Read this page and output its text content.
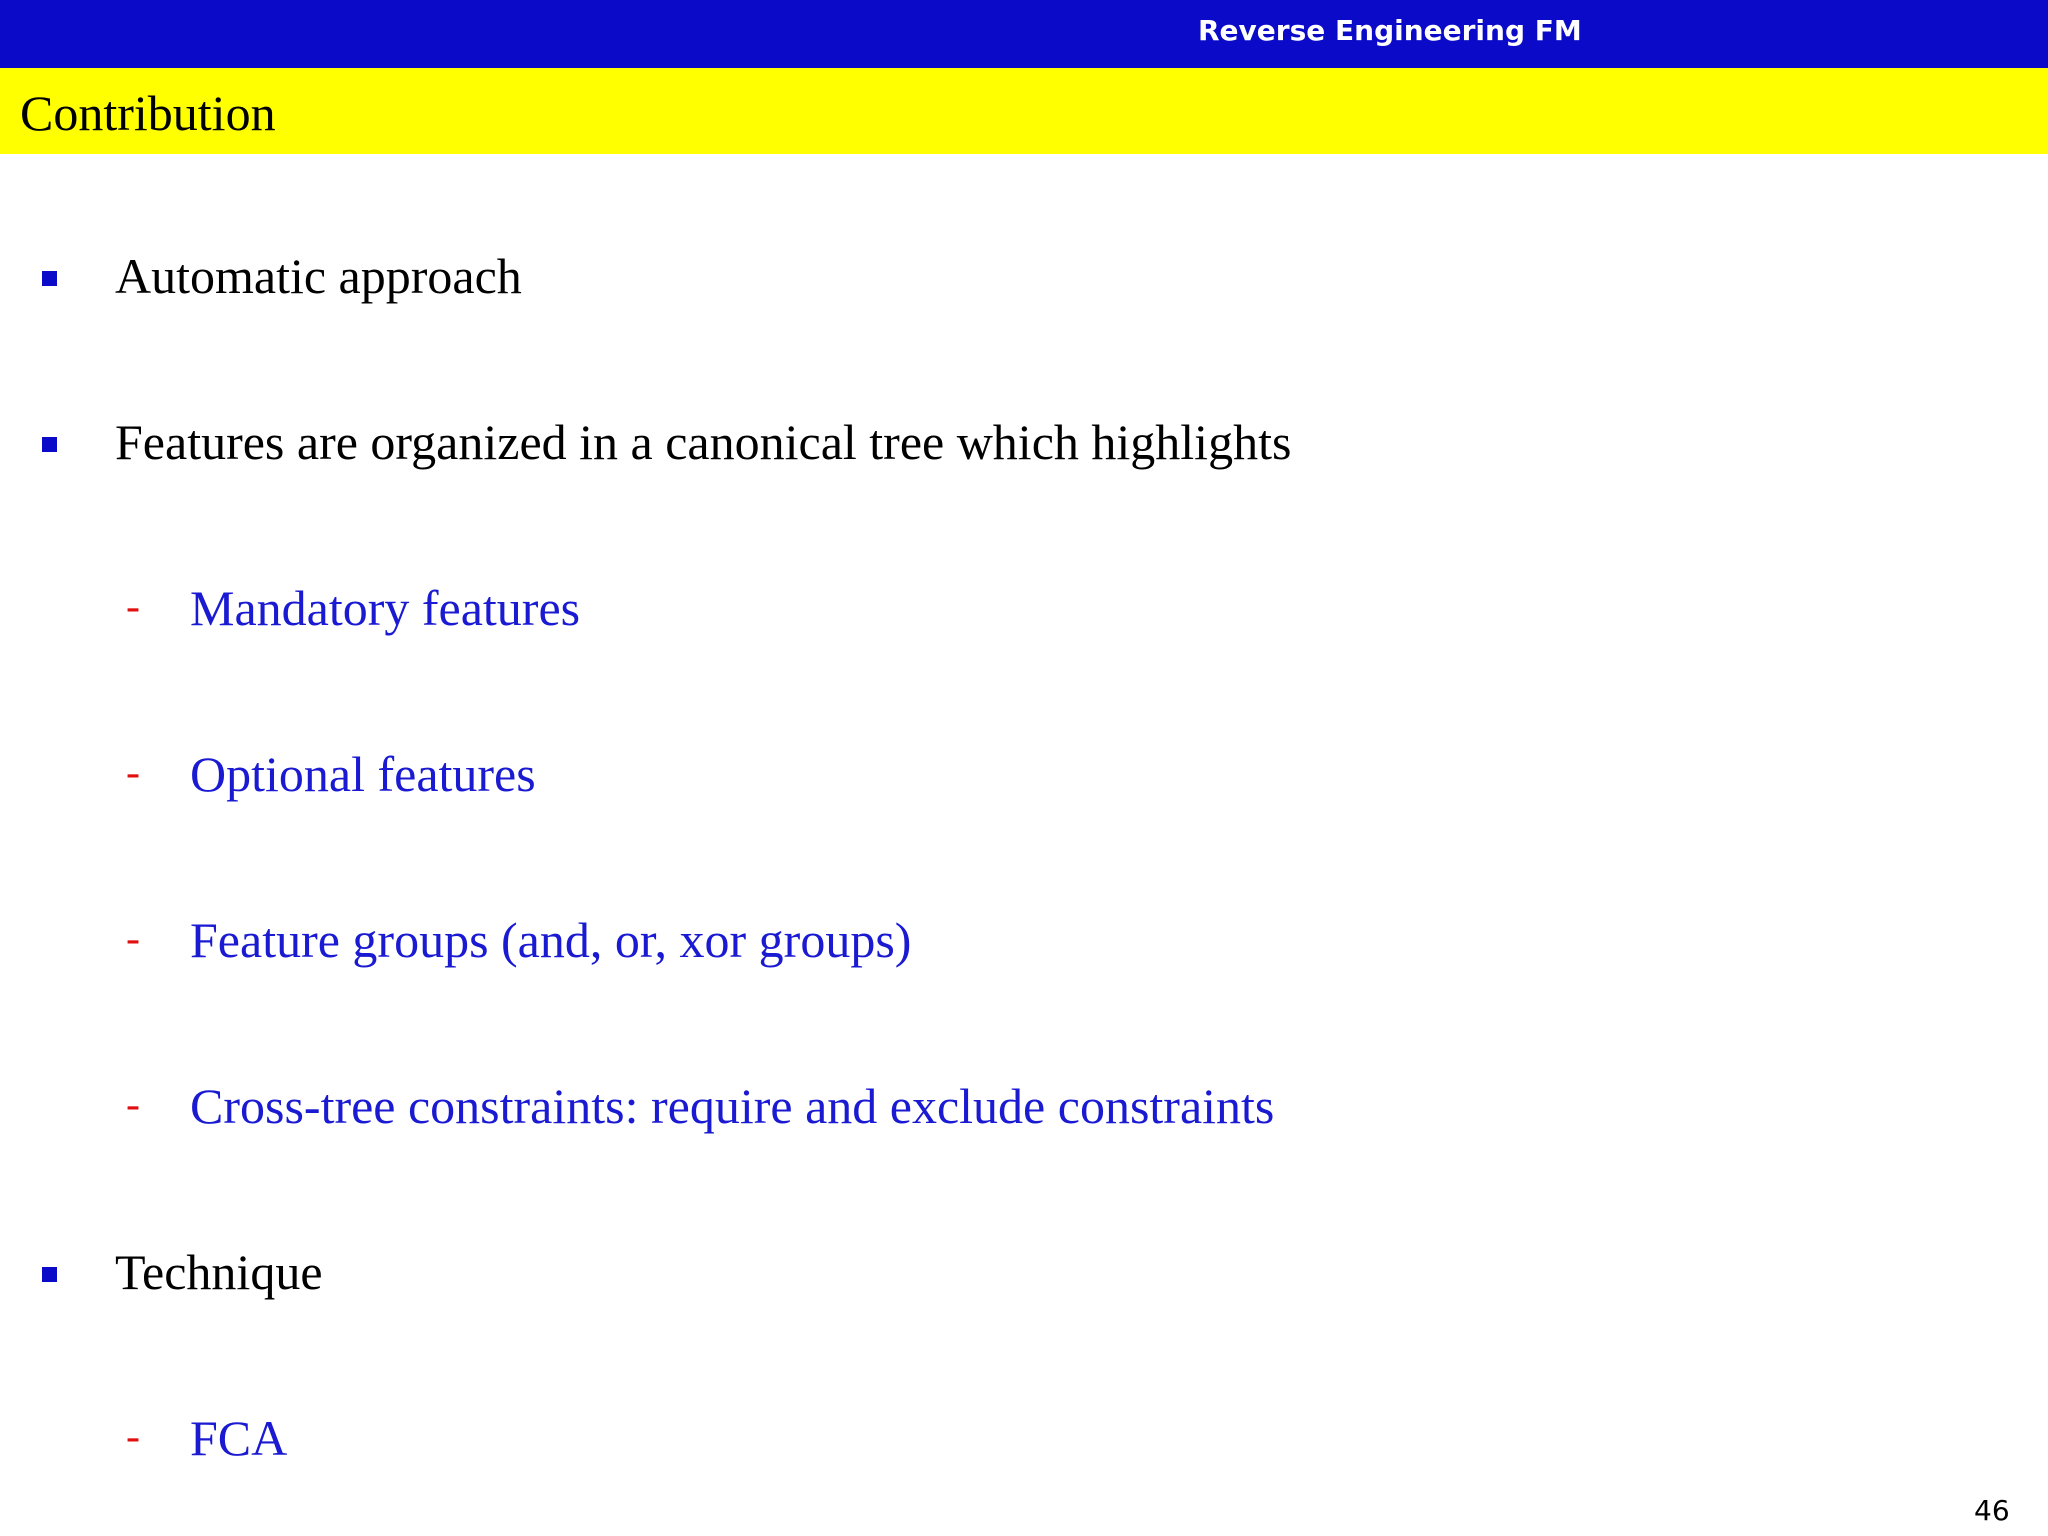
Reverse Engineering FM
Contribution
Automatic approach
Features are organized in a canonical tree which highlights
- Mandatory features
- Optional features
- Feature groups (and, or, xor groups)
- Cross-tree constraints: require and exclude constraints
Technique
- FCA
46
